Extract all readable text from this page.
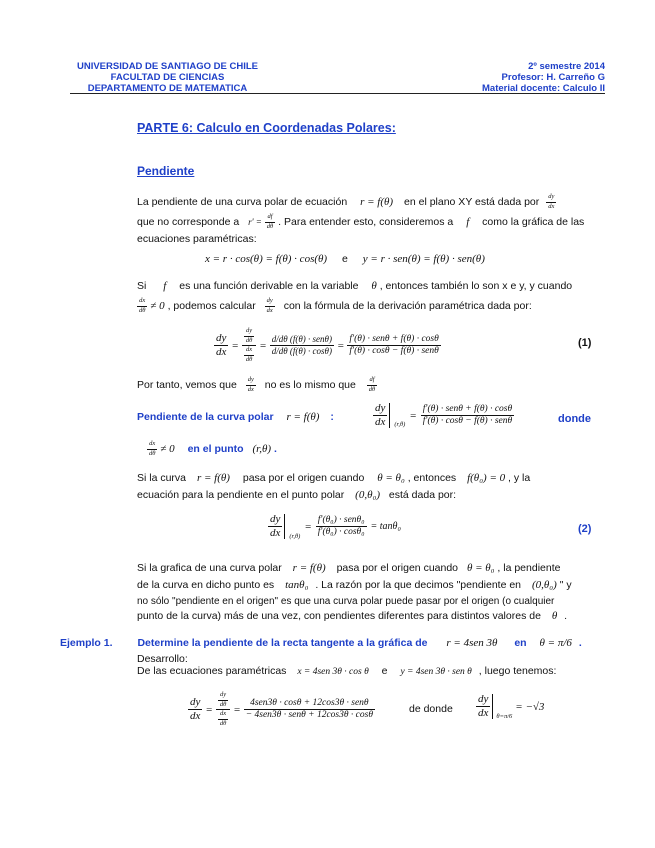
UNIVERSIDAD DE SANTIAGO DE CHILE
FACULTAD DE CIENCIAS
DEPARTAMENTO DE MATEMATICA
2º semestre 2014
Profesor: H. Carreño G
Material docente: Calculo II
PARTE 6: Calculo en Coordenadas Polares:
Pendiente
La pendiente de una curva polar de ecuación r = f(θ) en el plano XY está dada por $\frac{dy}{dx}$
que no corresponde a $r' = \frac{df}{d\theta}$ . Para entender esto, consideremos a f como la gráfica de las
ecuaciones paramétricas:
x = r · cos(θ) = f(θ) · cos(θ) e y = r · sen(θ) = f(θ) · sen(θ)
Si f es una función derivable en la variable θ , entonces también lo son x e y, y cuando
$\frac{dx}{d\theta} \ne 0$ , podemos calcular $\frac{dy}{dx}$ con la fórmula de la derivación paramétrica dada por:
$\frac{dy}{dx} = \frac{\frac{dy}{d\theta}}{\frac{dx}{d\theta}} = \frac{\text{d/dθ (f(θ) · senθ)}}{d/d\theta (f(\theta) \cdot \cos\theta)} = \frac{\text{f'(θ) · senθ + f(θ) · cosθ}}{\text{f'(θ) · cosθ − f(θ) · senθ}}$	(1)
Por tanto, vemos que $\frac{dy}{dx}$ no es lo mismo que $\frac{df}{d\theta}$
Pendiente de la curva polar r = f(θ) :	$\frac{dy}{dx} (r,\theta)$
= $\frac{\text{f'(θ) · senθ + f(θ) · cosθ}}{\text{f'(θ) · cosθ − f(θ) · senθ}}$	donde
$\frac{dx}{d\theta} \ne 0$ en el punto (r,θ) .
Si la curva r = f(θ) pasa por el origen cuando θ = θ₀ , entonces f(θ₀) = 0 , y la
ecuación para la pendiente en el punto polar (0,θ₀) está dada por:
$\frac{dy}{dx} (r,\theta)$
= $\frac{\text{f'(θ₀) · senθ₀}}{\text{f'(θ₀) · cosθ₀}} = \tan\theta_0$	(2)
Si la grafica de una curva polar r = f(θ) pasa por el origen cuando θ = θ₀ , la pendiente
de la curva en dicho punto es tanθ₀ . La razón por la que decimos "pendiente en (0,θ₀) " y
no sólo "pendiente en el origen" es que una curva polar puede pasar por el origen (o cualquier
punto de la curva) más de una vez, con pendientes diferentes para distintos valores de θ .
Ejemplo 1. Determine la pendiente de la recta tangente a la gráfica de r = 4sen 3θ en θ = π/6 .
Desarrollo:
De las ecuaciones paramétricas x = 4sen 3θ · cos θ e y = 4sen 3θ · sen θ , luego tenemos:
$\frac{dy}{dx} = \frac{\frac{dy}{d\theta}}{\frac{dx}{d\theta}} = \frac{\text{4sen3θ · cosθ + 12cos3θ · senθ}}{\text{− 4sen3θ · senθ + 12cos3θ · cosθ}}$	de donde $\frac{dy}{dx} \theta=\pi/6$
= −√3
